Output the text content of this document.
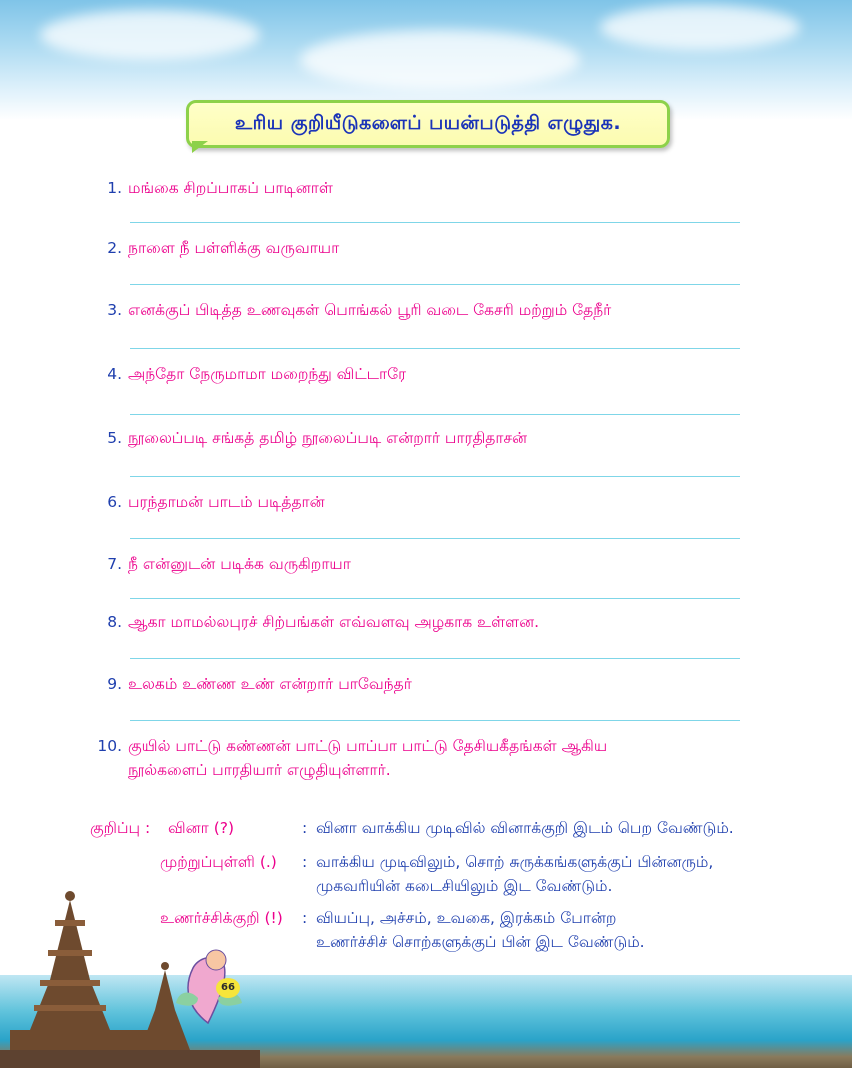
உரிய குறியீடுகளைப் பயன்படுத்தி எழுதுக.
1. மங்கை சிறப்பாகப் பாடினாள்
2. நாளை நீ பள்ளிக்கு வருவாயா
3. எனக்குப் பிடித்த உணவுகள் பொங்கல் பூரி வடை கேசரி மற்றும் தேநீர்
4. அந்தோ நேருமாமா மறைந்து விட்டாரே
5. நூலைப்படி சங்கத் தமிழ் நூலைப்படி என்றார் பாரதிதாசன்
6. பரந்தாமன் பாடம் படித்தான்
7. நீ என்னுடன் படிக்க வருகிறாயா
8. ஆகா மாமல்லபுரச் சிற்பங்கள் எவ்வளவு அழகாக உள்ளன.
9. உலகம் உண்ண உண் என்றார் பாவேந்தர்
10. குயில் பாட்டு கண்ணன் பாட்டு பாப்பா பாட்டு தேசியகீதங்கள் ஆகிய
நூல்களைப் பாரதியார் எழுதியுள்ளார்.
குறிப்பு : வினா (?)	: வினா வாக்கிய முடிவில் வினாக்குறி இடம் பெற வேண்டும்.
முற்றுப்புள்ளி (.) : வாக்கிய முடிவிலும், சொற் சுருக்கங்களுக்குப் பின்னரும்,
முகவரியின் கடைசியிலும் இட வேண்டும்.
உணர்ச்சிக்குறி (!) : வியப்பு, அச்சம், உவகை, இரக்கம் போன்ற
உணர்ச்சிச் சொற்களுக்குப் பின் இட வேண்டும்.
66
